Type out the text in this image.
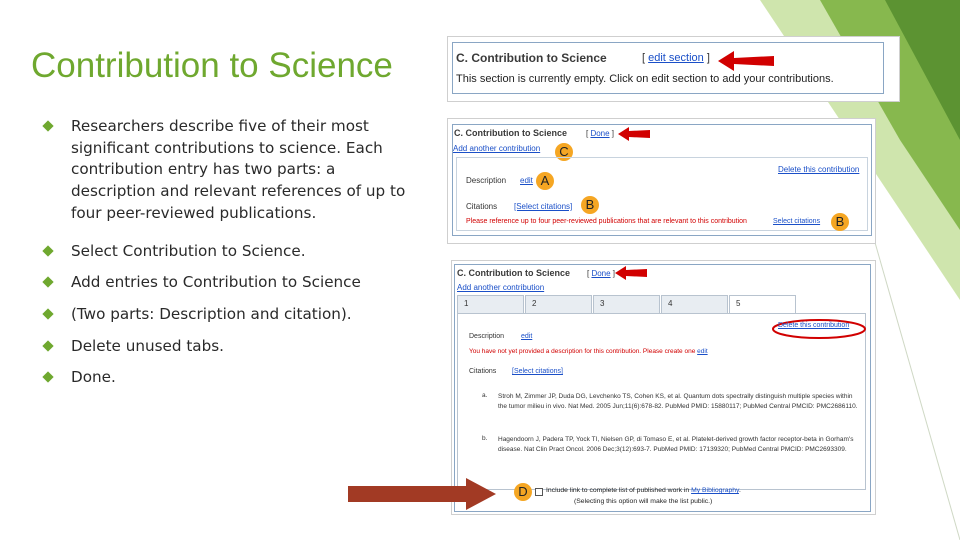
Contribution to Science
Researchers describe five of their most significant contributions to science. Each contribution entry has two parts: a description and relevant references of up to four peer-reviewed publications.
Select Contribution to Science.
Add entries to Contribution to Science
(Two parts: Description and citation).
Delete unused tabs.
Done.
C. Contribution to Science	[ edit section ]
This section is currently empty. Click on edit section to add your contributions.
C. Contribution to Science [ Done ]
Add another contribution	C
Description edit A
Delete this contribution
Citations [Select citations]	B
Please reference up to four peer-reviewed publications that are relevant to this contribution	Select citations	B
C. Contribution to Science [ Done ]
Add another contribution
1	2	3	4	5
Description edit
Delete this contribution
You have not yet provided a description for this contribution. Please create one edit
Citations [Select citations]
a. Stroh M, Zimmer JP, Duda DG, Levchenko TS, Cohen KS, et al. Quantum dots spectrally distinguish multiple species within the tumor milieu in vivo. Nat Med. 2005 Jun;11(6):678-82. PubMed PMID: 15880117; PubMed Central PMCID: PMC2686110.
b. Hagendoorn J, Padera TP, Yock TI, Nielsen GP, di Tomaso E, et al. Platelet-derived growth factor receptor-beta in Gorham's disease. Nat Clin Pract Oncol. 2006 Dec;3(12):693-7. PubMed PMID: 17139320; PubMed Central PMCID: PMC2693309.
D	Include link to complete list of published work in My Bibliography.
(Selecting this option will make the list public.)
